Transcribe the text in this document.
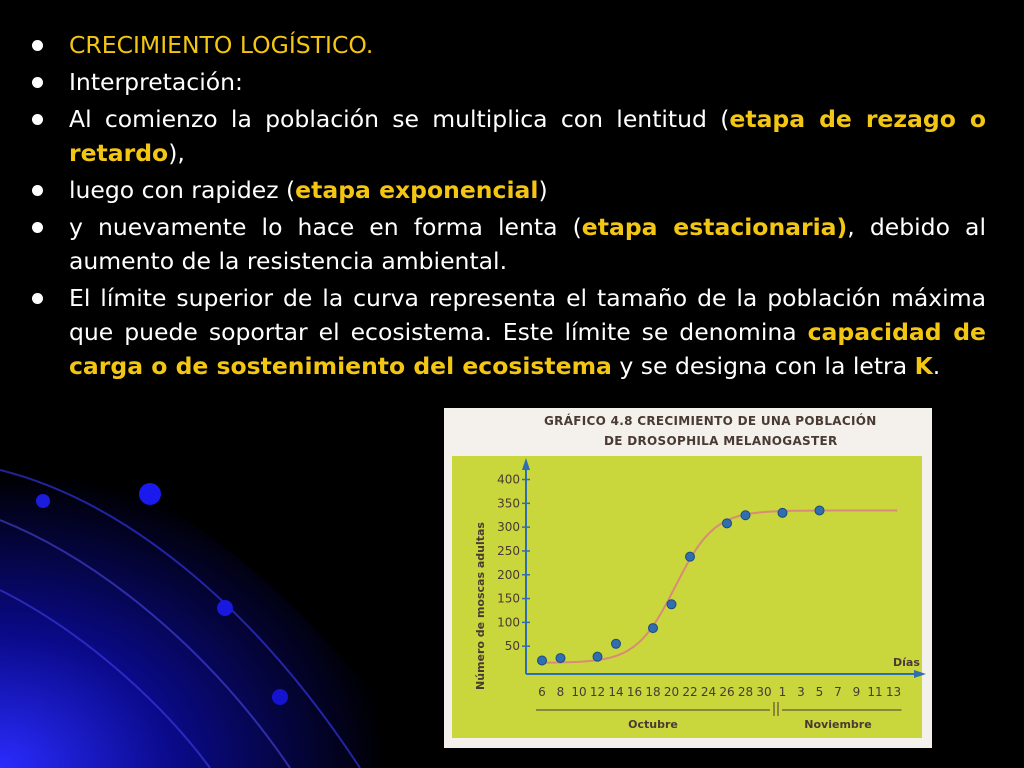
CRECIMIENTO LOGÍSTICO.
Interpretación:
Al comienzo la población se multiplica con lentitud (etapa de rezago o retardo),
luego con rapidez (etapa exponencial)
y nuevamente lo hace en forma lenta (etapa estacionaria), debido al aumento de la resistencia ambiental.
El límite superior de la curva representa el tamaño de la población máxima que puede soportar el ecosistema. Este límite se denomina capacidad de carga o de sostenimiento del ecosistema y se designa con la letra K.
GRÁFICO 4.8 CRECIMIENTO DE UNA POBLACIÓN
DE DROSOPHILA MELANOGASTER
Número de moscas adultas	Días
50
100
150
200
250
300
350
400
6 8 10 12 14 16 18 20 22 24 26 28 30 1 3 5 7 9 11 13
Octubre	Noviembre
